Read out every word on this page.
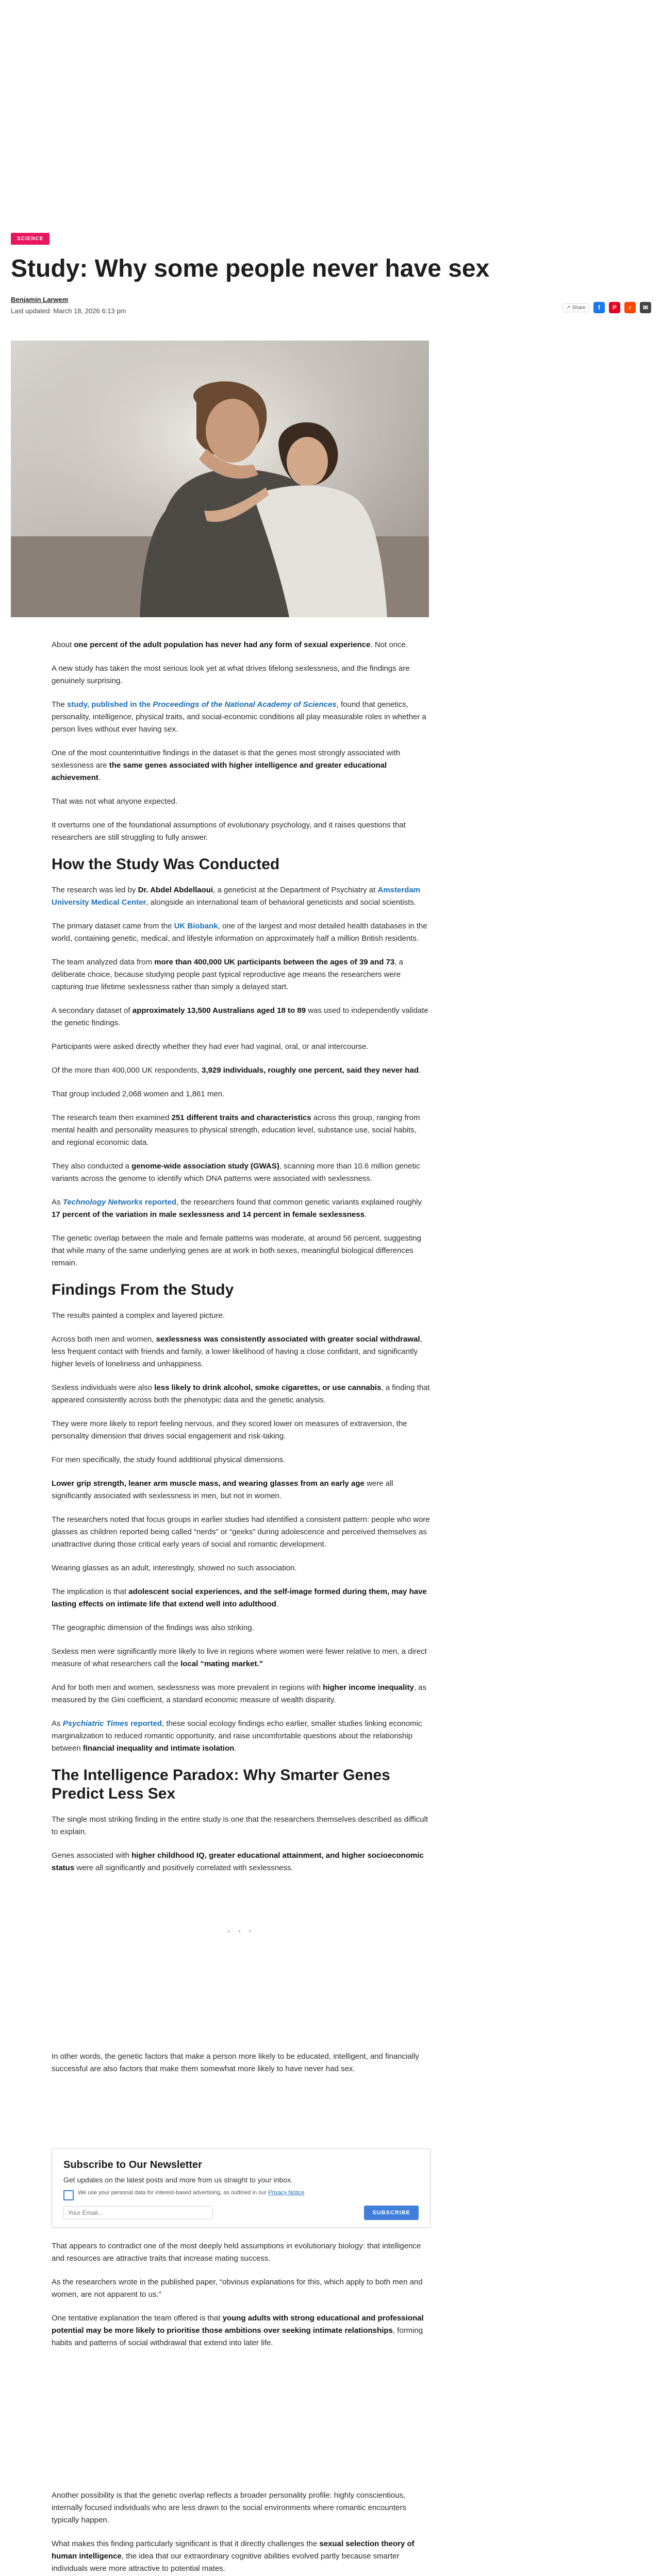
SCIENCE
Study: Why some people never have sex
Benjamin Larwem
Last updated: March 18, 2026 6:13 pm	↗ Share	f	P	r	✉

About one percent of the adult population has never had any form of sexual experience. Not once.

A new study has taken the most serious look yet at what drives lifelong sexlessness, and the findings are genuinely surprising.

The study, published in the Proceedings of the National Academy of Sciences, found that genetics, personality, intelligence, physical traits, and social-economic conditions all play measurable roles in whether a person lives without ever having sex.

One of the most counterintuitive findings in the dataset is that the genes most strongly associated with sexlessness are the same genes associated with higher intelligence and greater educational achievement.

That was not what anyone expected.

It overturns one of the foundational assumptions of evolutionary psychology, and it raises questions that researchers are still struggling to fully answer.

How the Study Was Conducted

The research was led by Dr. Abdel Abdellaoui, a geneticist at the Department of Psychiatry at Amsterdam University Medical Center, alongside an international team of behavioral geneticists and social scientists.

The primary dataset came from the UK Biobank, one of the largest and most detailed health databases in the world, containing genetic, medical, and lifestyle information on approximately half a million British residents.

The team analyzed data from more than 400,000 UK participants between the ages of 39 and 73, a deliberate choice, because studying people past typical reproductive age means the researchers were capturing true lifetime sexlessness rather than simply a delayed start.

A secondary dataset of approximately 13,500 Australians aged 18 to 89 was used to independently validate the genetic findings.

Participants were asked directly whether they had ever had vaginal, oral, or anal intercourse.

Of the more than 400,000 UK respondents, 3,929 individuals, roughly one percent, said they never had.

That group included 2,068 women and 1,861 men.

The research team then examined 251 different traits and characteristics across this group, ranging from mental health and personality measures to physical strength, education level, substance use, social habits, and regional economic data.

They also conducted a genome-wide association study (GWAS), scanning more than 10.6 million genetic variants across the genome to identify which DNA patterns were associated with sexlessness.

As Technology Networks reported, the researchers found that common genetic variants explained roughly 17 percent of the variation in male sexlessness and 14 percent in female sexlessness.

The genetic overlap between the male and female patterns was moderate, at around 56 percent, suggesting that while many of the same underlying genes are at work in both sexes, meaningful biological differences remain.

Findings From the Study

The results painted a complex and layered picture.

Across both men and women, sexlessness was consistently associated with greater social withdrawal, less frequent contact with friends and family, a lower likelihood of having a close confidant, and significantly higher levels of loneliness and unhappiness.

Sexless individuals were also less likely to drink alcohol, smoke cigarettes, or use cannabis, a finding that appeared consistently across both the phenotypic data and the genetic analysis.

They were more likely to report feeling nervous, and they scored lower on measures of extraversion, the personality dimension that drives social engagement and risk-taking.

For men specifically, the study found additional physical dimensions.

Lower grip strength, leaner arm muscle mass, and wearing glasses from an early age were all significantly associated with sexlessness in men, but not in women.

The researchers noted that focus groups in earlier studies had identified a consistent pattern: people who wore glasses as children reported being called “nerds” or “geeks” during adolescence and perceived themselves as unattractive during those critical early years of social and romantic development.

Wearing glasses as an adult, interestingly, showed no such association.

The implication is that adolescent social experiences, and the self-image formed during them, may have lasting effects on intimate life that extend well into adulthood.

The geographic dimension of the findings was also striking.

Sexless men were significantly more likely to live in regions where women were fewer relative to men, a direct measure of what researchers call the local “mating market.”

And for both men and women, sexlessness was more prevalent in regions with higher income inequality, as measured by the Gini coefficient, a standard economic measure of wealth disparity.

As Psychiatric Times reported, these social ecology findings echo earlier, smaller studies linking economic marginalization to reduced romantic opportunity, and raise uncomfortable questions about the relationship between financial inequality and intimate isolation.

The Intelligence Paradox: Why Smarter Genes Predict Less Sex

The single most striking finding in the entire study is one that the researchers themselves described as difficult to explain.

Genes associated with higher childhood IQ, greater educational attainment, and higher socioeconomic status were all significantly and positively correlated with sexlessness.

• • •

In other words, the genetic factors that make a person more likely to be educated, intelligent, and financially successful are also factors that make them somewhat more likely to have never had sex.

Subscribe to Our Newsletter
Get updates on the latest posts and more from us straight to your inbox.
We use your personal data for interest-based advertising, as outlined in our Privacy Notice
Your Email...
SUBSCRIBE

That appears to contradict one of the most deeply held assumptions in evolutionary biology: that intelligence and resources are attractive traits that increase mating success.

As the researchers wrote in the published paper, “obvious explanations for this, which apply to both men and women, are not apparent to us.”

One tentative explanation the team offered is that young adults with strong educational and professional potential may be more likely to prioritise those ambitions over seeking intimate relationships, forming habits and patterns of social withdrawal that extend into later life.

Another possibility is that the genetic overlap reflects a broader personality profile: highly conscientious, internally focused individuals who are less drawn to the social environments where romantic encounters typically happen.

What makes this finding particularly significant is that it directly challenges the sexual selection theory of human intelligence, the idea that our extraordinary cognitive abilities evolved partly because smarter individuals were more attractive to potential mates.
